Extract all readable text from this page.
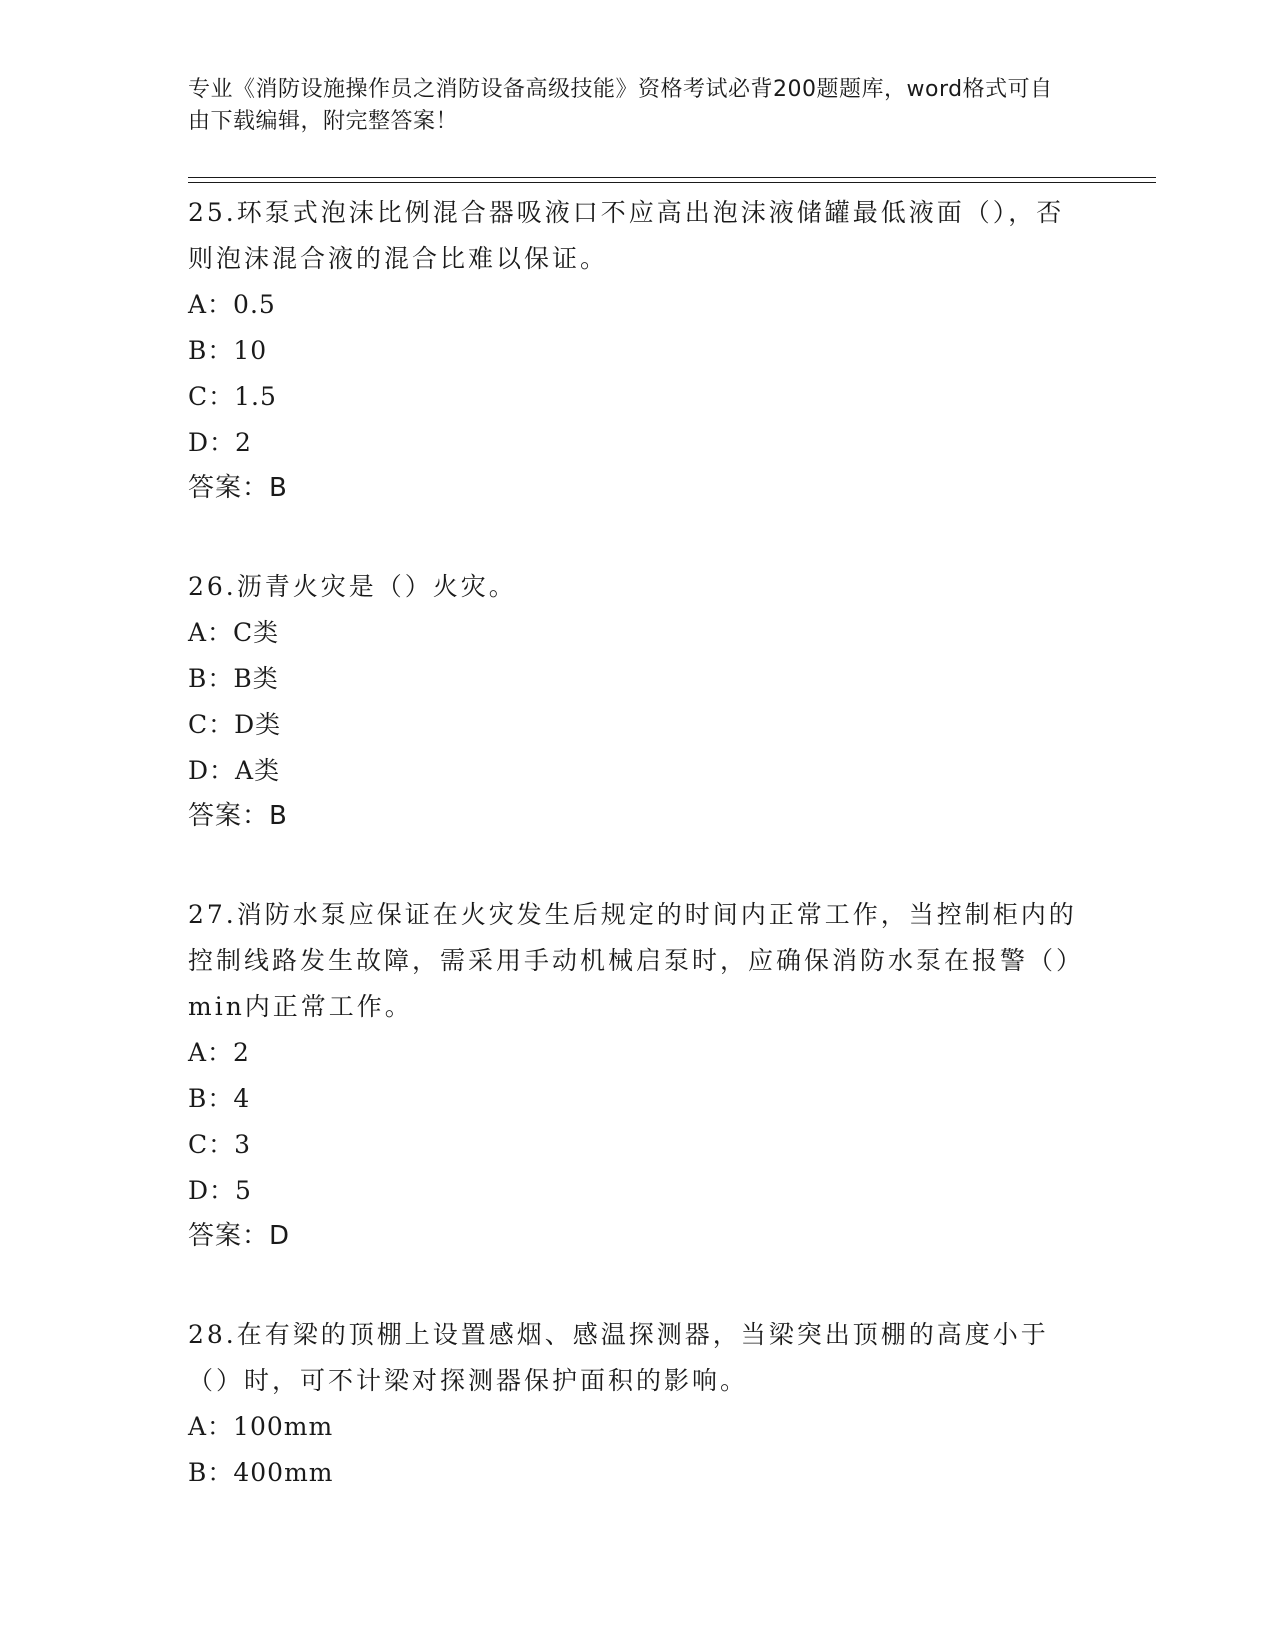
专业《消防设施操作员之消防设备高级技能》资格考试必背200题题库，word格式可自由下载编辑，附完整答案！
25.环泵式泡沫比例混合器吸液口不应高出泡沫液储罐最低液面（），否则泡沫混合液的混合比难以保证。
A：0.5
B：10
C：1.5
D：2
答案：B
26.沥青火灾是（）火灾。
A：C类
B：B类
C：D类
D：A类
答案：B
27.消防水泵应保证在火灾发生后规定的时间内正常工作，当控制柜内的控制线路发生故障，需采用手动机械启泵时，应确保消防水泵在报警（）min内正常工作。
A：2
B：4
C：3
D：5
答案：D
28.在有梁的顶棚上设置感烟、感温探测器，当梁突出顶棚的高度小于（）时，可不计梁对探测器保护面积的影响。
A：100mm
B：400mm
